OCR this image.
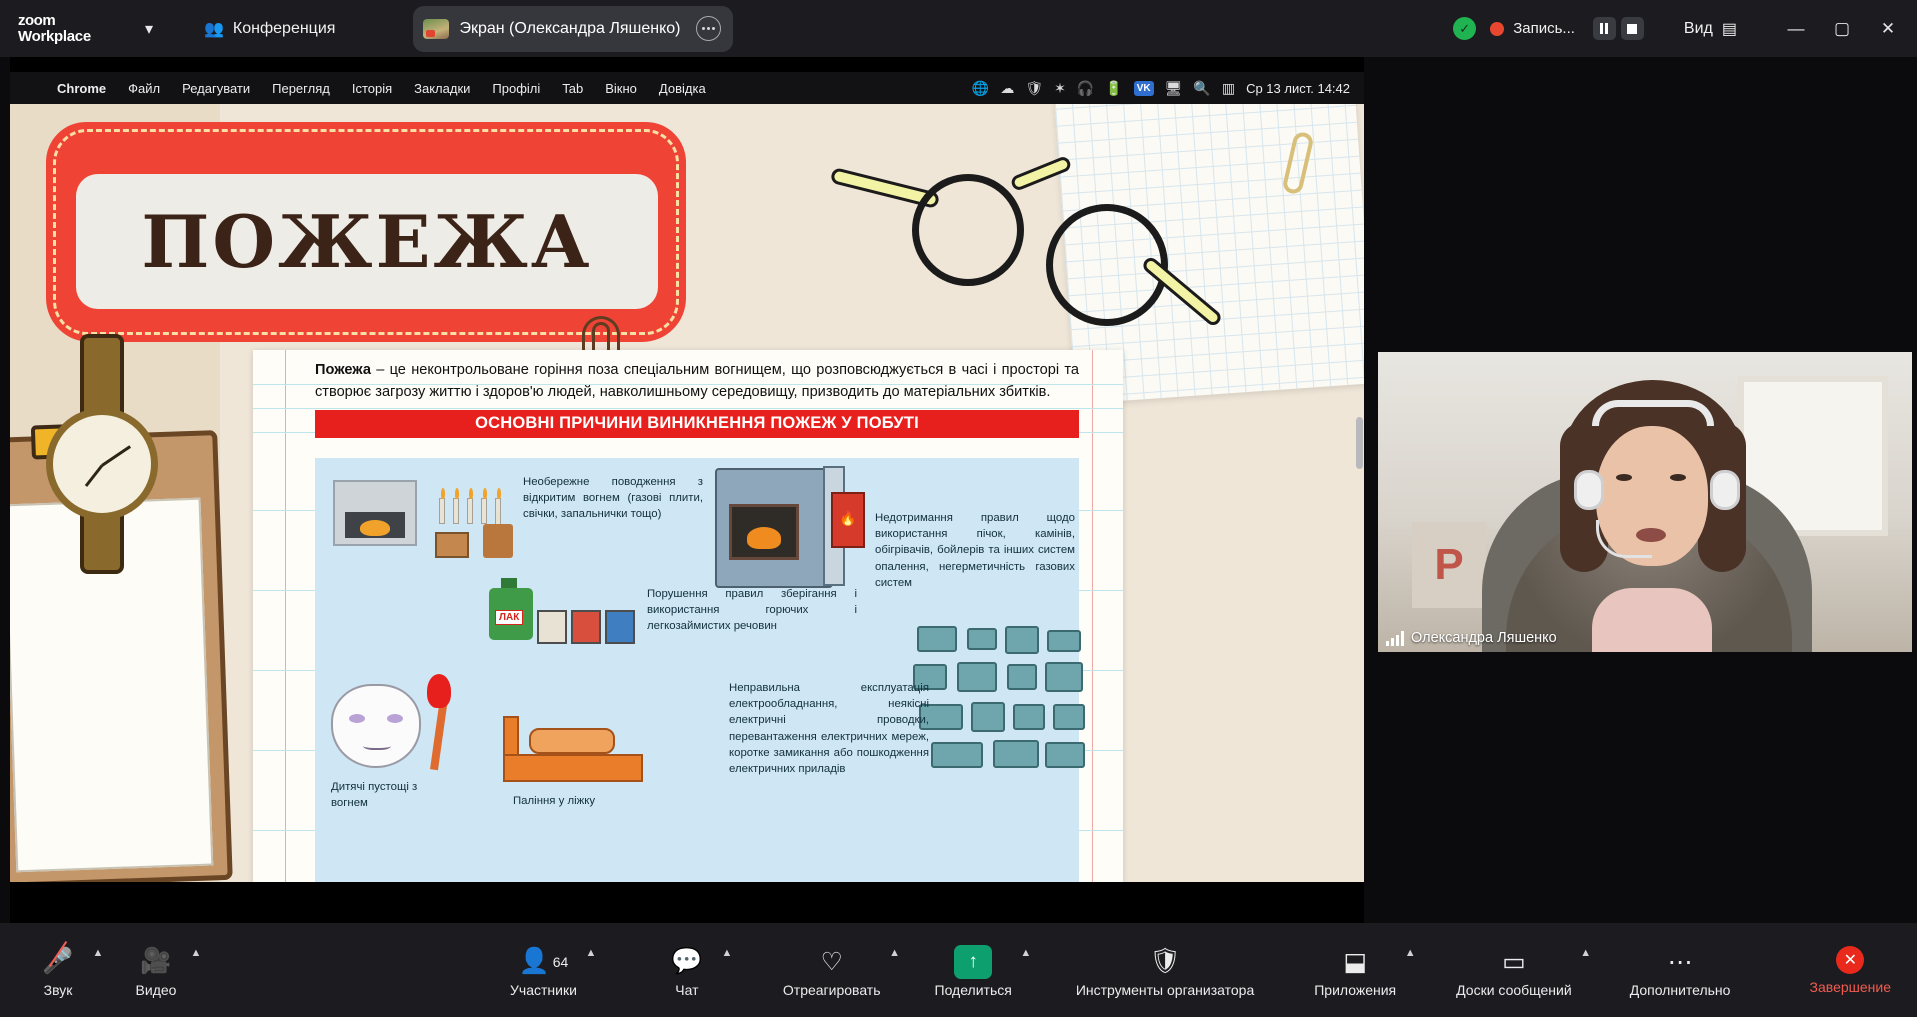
zoom
Workplace	▾	👥 Конференция	Экран (Олександра Ляшенко)	✓	Запись...	Вид ▤	—	▢	✕
Chrome	Файл	Редагувати	Перегляд	Історія	Закладки	Профілі	Tab	Вікно	Довідка	🌐 ☁ 🛡 ✶ 🎧 🔋	VK 🖥 🔍 ▥ Ср 13 лист. 14:42
ПОЖЕЖА
Пожежа – це неконтрольоване горіння поза спеціальним вогнищем, що розповсюджується в часі і просторі та створює загрозу життю і здоров'ю людей, навколишньому середовищу, призводить до матеріальних збитків.
ОСНОВНІ ПРИЧИНИ ВИНИКНЕННЯ ПОЖЕЖ У ПОБУТІ
🔥
ЛАК
Необережне поводження з відкритим вогнем (газові плити, свічки, запальнички тощо)	Недотримання правил щодо використання пічок, камінів, обігрівачів, бойлерів та інших систем опалення, негерметичність газових систем
Порушення правил зберігання і використання горючих і легкозаймистих речовин
Неправильна експлуатація електрообладнання, неякісні електричні проводки, перевантаження електричних мереж, коротке замикання або пошкодження електричних приладів
Дитячі пустощі з вогнем	Паління у ліжку
Р
Олександра Ляшенко
🎤
Звук
▲ 🎥
Видео
▲	👤 64
Участники
▲	💬
Чат
▲	♡
Отреагировать
▲	↑
Поделиться
▲	🛡
Инструменты организатора
⬓
Приложения
▲	▭
Доски сообщений
▲	⋯
Дополнительно
✕
Завершение
